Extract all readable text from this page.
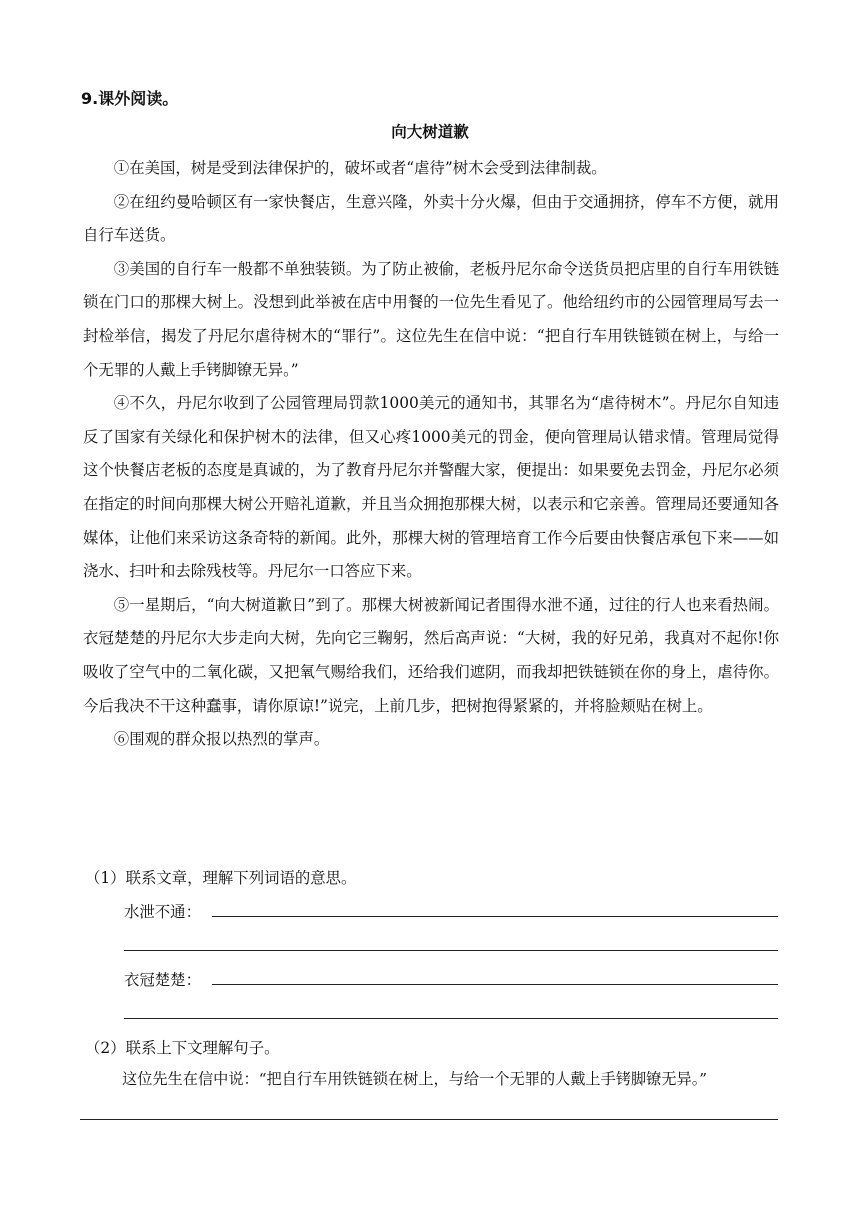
9.课外阅读。
向大树道歉

①在美国，树是受到法律保护的，破坏或者“虐待”树木会受到法律制裁。

②在纽约曼哈顿区有一家快餐店，生意兴隆，外卖十分火爆，但由于交通拥挤，停车不方便，就用自行车送货。

③美国的自行车一般都不单独装锁。为了防止被偷，老板丹尼尔命令送货员把店里的自行车用铁链锁在门口的那棵大树上。没想到此举被在店中用餐的一位先生看见了。他给纽约市的公园管理局写去一封检举信，揭发了丹尼尔虐待树木的“罪行”。这位先生在信中说：“把自行车用铁链锁在树上，与给一个无罪的人戴上手铐脚镣无异。”

④不久，丹尼尔收到了公园管理局罚款1000美元的通知书，其罪名为“虐待树木”。丹尼尔自知违反了国家有关绿化和保护树木的法律，但又心疼1000美元的罚金，便向管理局认错求情。管理局觉得这个快餐店老板的态度是真诚的，为了教育丹尼尔并警醒大家，便提出：如果要免去罚金，丹尼尔必须在指定的时间向那棵大树公开赔礼道歉，并且当众拥抱那棵大树，以表示和它亲善。管理局还要通知各媒体，让他们来采访这条奇特的新闻。此外，那棵大树的管理培育工作今后要由快餐店承包下来——如浇水、扫叶和去除残枝等。丹尼尔一口答应下来。

⑤一星期后，“向大树道歉日”到了。那棵大树被新闻记者围得水泄不通，过往的行人也来看热闹。衣冠楚楚的丹尼尔大步走向大树，先向它三鞠躬，然后高声说：“大树，我的好兄弟，我真对不起你!你吸收了空气中的二氧化碳，又把氧气赐给我们，还给我们遮阴，而我却把铁链锁在你的身上，虐待你。今后我决不干这种蠢事，请你原谅!”说完，上前几步，把树抱得紧紧的，并将脸颊贴在树上。

⑥围观的群众报以热烈的掌声。

（1）联系文章，理解下列词语的意思。
水泄不通：
衣冠楚楚：
（2）联系上下文理解句子。
这位先生在信中说：“把自行车用铁链锁在树上，与给一个无罪的人戴上手铐脚镣无异。”
